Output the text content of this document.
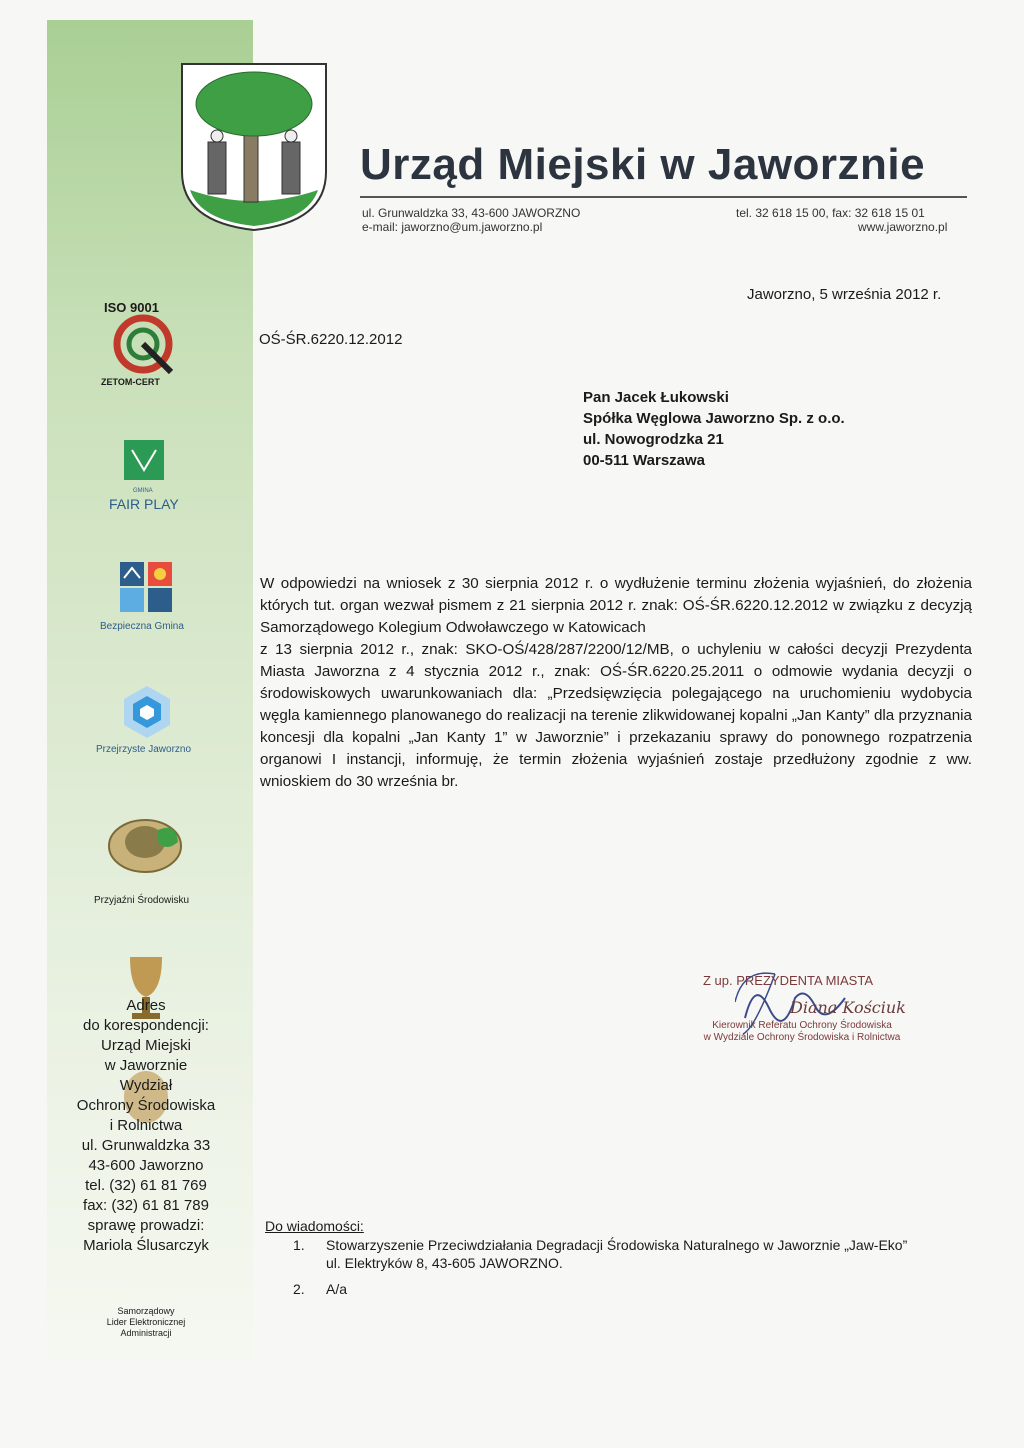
Urząd Miejski w Jaworznie
ul. Grunwaldzka 33, 43-600 JAWORZNO
e-mail: jaworzno@um.jaworzno.pl
tel. 32 618 15 00, fax: 32 618 15 01
www.jaworzno.pl
ISO 9001
ZETOM-CERT
GMINA
FAIR PLAY
Bezpieczna Gmina
Przejrzyste Jaworzno
Przyjaźni Środowisku
Adres
do korespondencji:
Urząd Miejski
w Jaworznie
Wydział
Ochrony Środowiska
i Rolnictwa
ul. Grunwaldzka 33
43-600 Jaworzno
tel. (32) 61 81 769
fax: (32) 61 81 789
sprawę prowadzi:
Mariola Ślusarczyk
Samorządowy
Lider Elektronicznej
Administracji
Jaworzno, 5 września 2012 r.
OŚ-ŚR.6220.12.2012
Pan Jacek Łukowski
Spółka Węglowa Jaworzno Sp. z o.o.
ul. Nowogrodzka 21
00-511 Warszawa
W odpowiedzi na wniosek z 30 sierpnia 2012 r. o wydłużenie terminu złożenia wyjaśnień, do złożenia których tut. organ wezwał pismem z 21 sierpnia 2012 r. znak: OŚ-ŚR.6220.12.2012 w związku z decyzją Samorządowego Kolegium Odwoławczego w Katowicach
z 13 sierpnia 2012 r., znak: SKO-OŚ/428/287/2200/12/MB, o uchyleniu w całości decyzji Prezydenta Miasta Jaworzna z 4 stycznia 2012 r., znak: OŚ-ŚR.6220.25.2011 o odmowie wydania decyzji o środowiskowych uwarunkowaniach dla: „Przedsięwzięcia polegającego na uruchomieniu wydobycia węgla kamiennego planowanego do realizacji na terenie zlikwidowanej kopalni „Jan Kanty” dla przyznania koncesji dla kopalni „Jan Kanty 1” w Jaworznie” i przekazaniu sprawy do ponownego rozpatrzenia organowi I instancji, informuję, że termin złożenia wyjaśnień zostaje przedłużony zgodnie z ww. wnioskiem do 30 września br.
Z up. PREZYDENTA MIASTA
Diana Kościuk
Kierownik Referatu Ochrony Środowiska
w Wydziale Ochrony Środowiska i Rolnictwa
Do wiadomości:
1. Stowarzyszenie Przeciwdziałania Degradacji Środowiska Naturalnego w Jaworznie „Jaw-Eko”
ul. Elektryków 8, 43-605 JAWORZNO.
2. A/a
